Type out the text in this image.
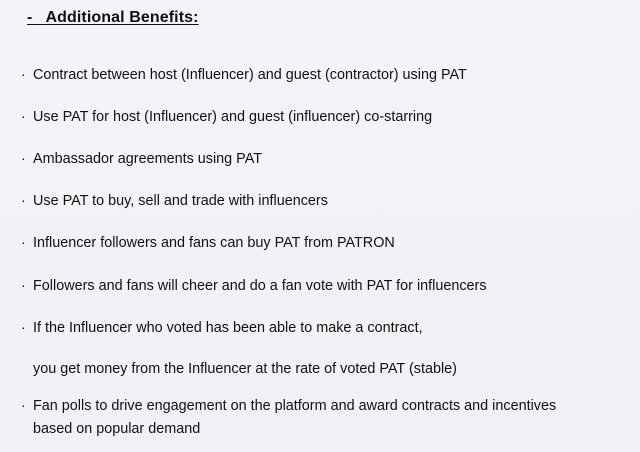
-   Additional Benefits:
· Contract between host (Influencer) and guest (contractor) using PAT
· Use PAT for host (Influencer) and guest (influencer) co-starring
· Ambassador agreements using PAT
· Use PAT to buy, sell and trade with influencers
· Influencer followers and fans can buy PAT from PATRON
· Followers and fans will cheer and do a fan vote with PAT for influencers
· If the Influencer who voted has been able to make a contract,
you get money from the Influencer at the rate of voted PAT (stable)
· Fan polls to drive engagement on the platform and award contracts and incentives
based on popular demand
